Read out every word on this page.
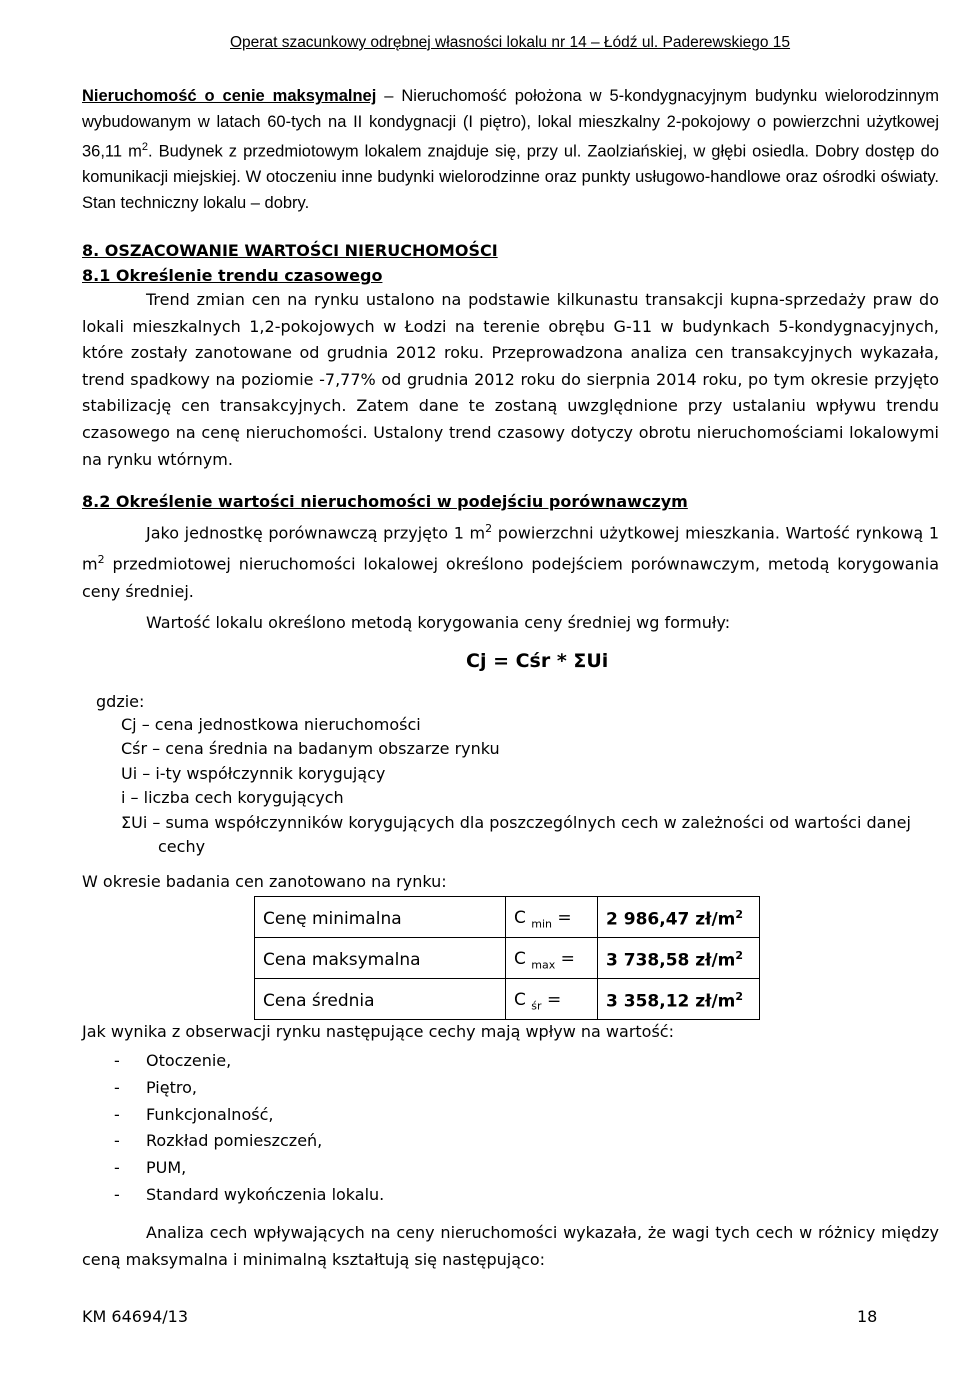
Operat szacunkowy odrębnej własności lokalu nr 14 – Łódź ul. Paderewskiego 15
Nieruchomość o cenie maksymalnej – Nieruchomość położona w 5-kondygnacyjnym budynku wielorodzinnym wybudowanym w latach 60-tych na II kondygnacji (I piętro), lokal mieszkalny 2-pokojowy o powierzchni użytkowej 36,11 $m^2$. Budynek z przedmiotowym lokalem znajduje się, przy ul. Zaolziańskiej, w głębi osiedla. Dobry dostęp do komunikacji miejskiej. W otoczeniu inne budynki wielorodzinne oraz punkty usługowo-handlowe oraz ośrodki oświaty. Stan techniczny lokalu – dobry.
8. OSZACOWANIE WARTOŚCI NIERUCHOMOŚCI
8.1 Określenie trendu czasowego
Trend zmian cen na rynku ustalono na podstawie kilkunastu transakcji kupna-sprzedaży praw do lokali mieszkalnych 1,2-pokojowych w Łodzi na terenie obrębu G-11 w budynkach 5-kondygnacyjnych, które zostały zanotowane od grudnia 2012 roku. Przeprowadzona analiza cen transakcyjnych wykazała, trend spadkowy na poziomie -7,77% od grudnia 2012 roku do sierpnia 2014 roku, po tym okresie przyjęto stabilizację cen transakcyjnych. Zatem dane te zostaną uwzględnione przy ustalaniu wpływu trendu czasowego na cenę nieruchomości. Ustalony trend czasowy dotyczy obrotu nieruchomościami lokalowymi na rynku wtórnym.
8.2 Określenie wartości nieruchomości w podejściu porównawczym
Jako jednostkę porównawczą przyjęto 1 $m^2$ powierzchni użytkowej mieszkania. Wartość rynkową 1 $m^2$ przedmiotowej nieruchomości lokalowej określono podejściem porównawczym, metodą korygowania ceny średniej.
Wartość lokalu określono metodą korygowania ceny średniej wg formuły:
Cj = Cśr * ΣUi
gdzie:
Cj – cena jednostkowa nieruchomości
Cśr – cena średnia na badanym obszarze rynku
Ui – i-ty współczynnik korygujący
i – liczba cech korygujących
ΣUi – suma współczynników korygujących dla poszczególnych cech w zależności od wartości danej
cechy
W okresie badania cen zanotowano na rynku:
Cenę minimalna	C $_{min}$ =	2 986,47 $zł/m^2$
Cena maksymalna	C $_{max}$ =	3 738,58 $zł/m^2$
Cena średnia	C $_{śr}$ =	3 358,12 $zł/m^2$
Jak wynika z obserwacji rynku następujące cechy mają wpływ na wartość:
- Otoczenie,
- Piętro,
- Funkcjonalność,
- Rozkład pomieszczeń,
- PUM,
- Standard wykończenia lokalu.
Analiza cech wpływających na ceny nieruchomości wykazała, że wagi tych cech w różnicy między ceną maksymalna i minimalną kształtują się następująco:
KM 64694/13	18
